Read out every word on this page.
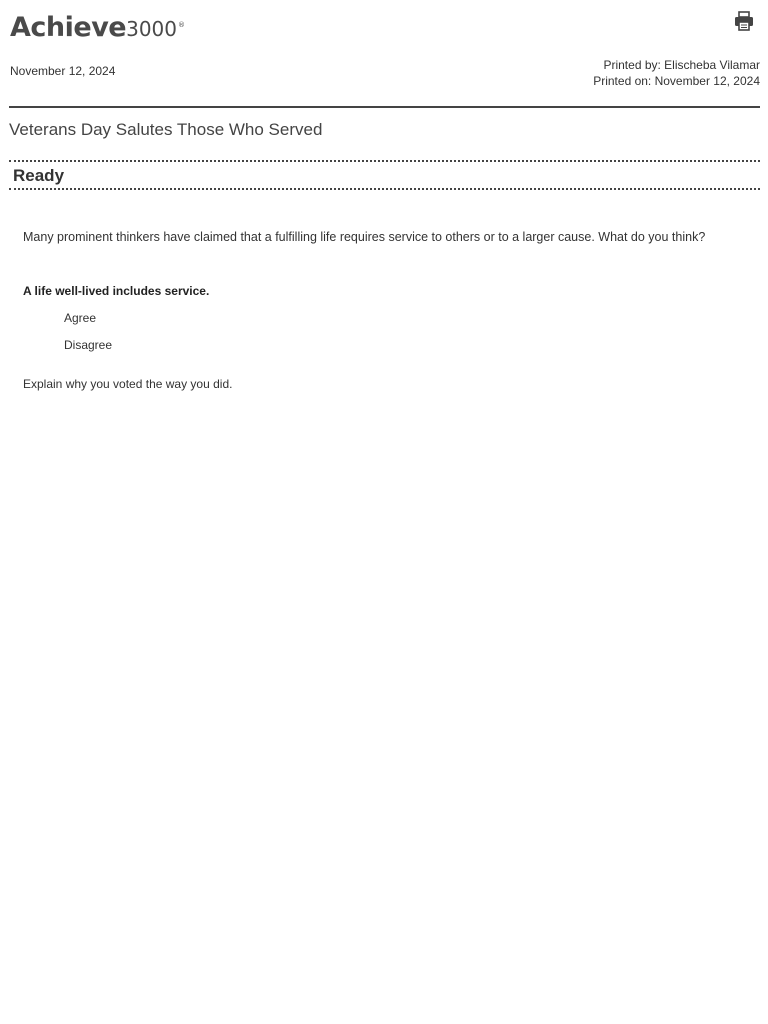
Achieve 3000 ®
November 12, 2024	Printed by: Elischeba Vilamar
Printed on: November 12, 2024
Veterans Day Salutes Those Who Served
Ready
Many prominent thinkers have claimed that a fulfilling life requires service to others or to a larger cause. What do you think?
A life well-lived includes service.
Agree
Disagree
Explain why you voted the way you did.
